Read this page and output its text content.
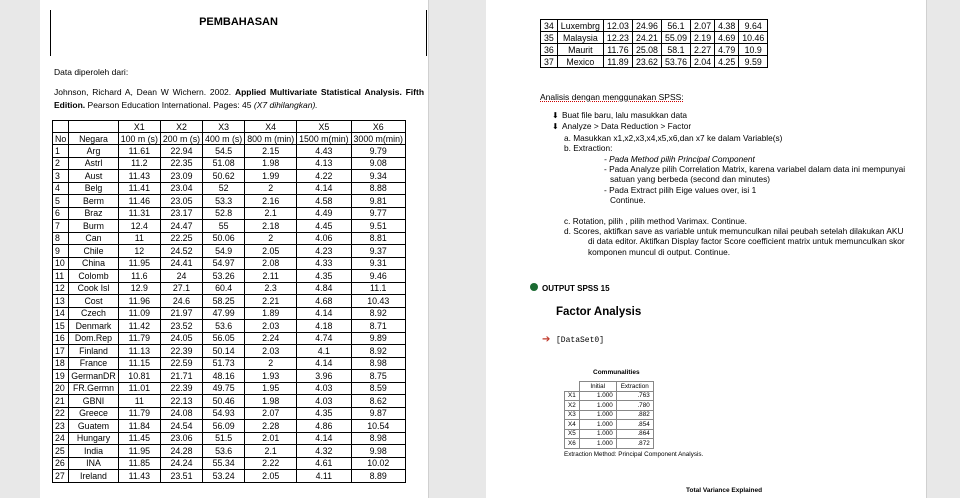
PEMBAHASAN
Data diperoleh dari:
Johnson, Richard A, Dean W Wichern. 2002. Applied Multivariate Statistical Analysis. Fifth Edition. Pearson Education International. Pages: 45 (X7 dihilangkan).
		X1	X2	X3	X4	X5	X6
No	Negara	100 m (s)	200 m (s)	400 m (s)	800 m (min)	1500 m(min)	3000 m(min)
1	Arg	11.61	22.94	54.5	2.15	4.43	9.79
2	Astrl	11.2	22.35	51.08	1.98	4.13	9.08
3	Aust	11.43	23.09	50.62	1.99	4.22	9.34
4	Belg	11.41	23.04	52	2	4.14	8.88
5	Berm	11.46	23.05	53.3	2.16	4.58	9.81
6	Braz	11.31	23.17	52.8	2.1	4.49	9.77
7	Burm	12.4	24.47	55	2.18	4.45	9.51
8	Can	11	22.25	50.06	2	4.06	8.81
9	Chile	12	24.52	54.9	2.05	4.23	9.37
10	China	11.95	24.41	54.97	2.08	4.33	9.31
11	Colomb	11.6	24	53.26	2.11	4.35	9.46
12	Cook Isl	12.9	27.1	60.4	2.3	4.84	11.1
13	Cost	11.96	24.6	58.25	2.21	4.68	10.43
14	Czech	11.09	21.97	47.99	1.89	4.14	8.92
15	Denmark	11.42	23.52	53.6	2.03	4.18	8.71
16	Dom.Rep	11.79	24.05	56.05	2.24	4.74	9.89
17	Finland	11.13	22.39	50.14	2.03	4.1	8.92
18	France	11.15	22.59	51.73	2	4.14	8.98
19	GermanDR	10.81	21.71	48.16	1.93	3.96	8.75
20	FR.Germn	11.01	22.39	49.75	1.95	4.03	8.59
21	GBNI	11	22.13	50.46	1.98	4.03	8.62
22	Greece	11.79	24.08	54.93	2.07	4.35	9.87
23	Guatem	11.84	24.54	56.09	2.28	4.86	10.54
24	Hungary	11.45	23.06	51.5	2.01	4.14	8.98
25	India	11.95	24.28	53.6	2.1	4.32	9.98
26	INA	11.85	24.24	55.34	2.22	4.61	10.02
27	Ireland	11.43	23.51	53.24	2.05	4.11	8.89
34	Luxembrg	12.03	24.96	56.1	2.07	4.38	9.64
35	Malaysia	12.23	24.21	55.09	2.19	4.69	10.46
36	Maurit	11.76	25.08	58.1	2.27	4.79	10.9
37	Mexico	11.89	23.62	53.76	2.04	4.25	9.59
Analisis dengan menggunakan SPSS:
⬇ Buat file baru, lalu masukkan data
⬇ Analyze > Data Reduction > Factor
a. Masukkan x1,x2,x3,x4,x5,x6,dan x7 ke dalam Variable(s)
b. Extraction:
- Pada Method pilih Principal Component
- Pada Analyze pilih Correlation Matrix, karena variabel dalam data ini mempunyai
satuan yang berbeda (second dan minutes)
- Pada Extract pilih Eige values over, isi 1
Continue.
c. Rotation, pilih , pilih method Varimax. Continue.
d. Scores, aktifkan save as variable untuk memunculkan nilai peubah setelah dilakukan AKU
di data editor. Aktifkan Display factor Score coefficient matrix untuk memunculkan skor
komponen muncul di output. Continue.
OUTPUT SPSS 15
Factor Analysis
➔ [DataSet0]
Communalities
	Initial	Extraction
X1	1.000	.763
X2	1.000	.780
X3	1.000	.882
X4	1.000	.854
X5	1.000	.864
X6	1.000	.872
Extraction Method: Principal Component Analysis.
Total Variance Explained
